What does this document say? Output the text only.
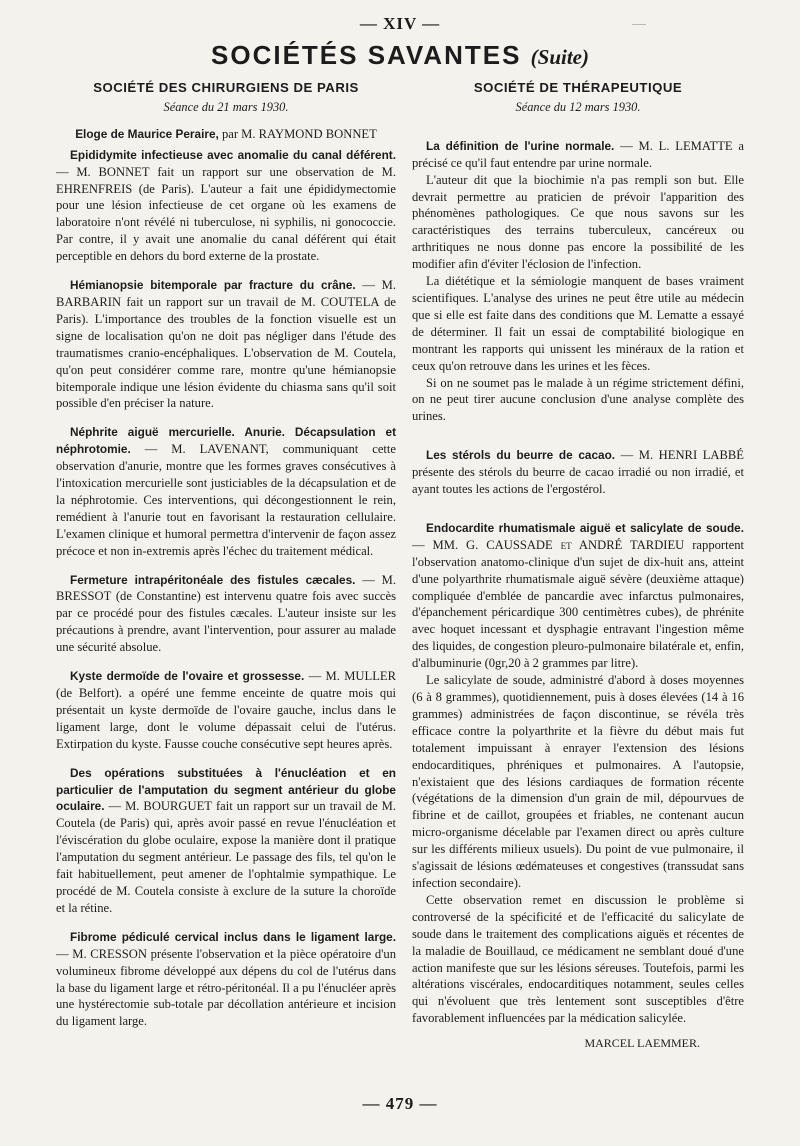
— XIV —
SOCIÉTÉS SAVANTES (Suite)

SOCIÉTÉ DES CHIRURGIENS DE PARIS

Séance du 21 mars 1930.

Eloge de Maurice Peraire, par M. RAYMOND BONNET

Epididymite infectieuse avec anomalie du canal déférent. — M. BONNET fait un rapport sur une observation de M. EHRENFREIS (de Paris). L'auteur a fait une épididymectomie pour une lésion infectieuse de cet organe où les examens de laboratoire n'ont révélé ni tuberculose, ni syphilis, ni gonococcie. Par contre, il y avait une anomalie du canal déférent qui était perceptible en dehors du bord externe de la prostate.

Hémianopsie bitemporale par fracture du crâne. — M. BARBARIN fait un rapport sur un travail de M. COUTELA de Paris). L'importance des troubles de la fonction visuelle est un signe de localisation qu'on ne doit pas négliger dans l'étude des traumatismes cranio-encéphaliques. L'observation de M. Coutela, qu'on peut considérer comme rare, montre qu'une hémianopsie bitemporale indique une lésion évidente du chiasma sans qu'il soit possible d'en préciser la nature.

Néphrite aiguë mercurielle. Anurie. Décapsulation et néphrotomie. — M. LAVENANT, communiquant cette observation d'anurie, montre que les formes graves consécutives à l'intoxication mercurielle sont justiciables de la décapsulation et de la néphrotomie. Ces interventions, qui décongestionnent le rein, remédient à l'anurie tout en favorisant la restauration cellulaire. L'examen clinique et humoral permettra d'intervenir de façon assez précoce et non in-extremis après l'échec du traitement médical.

Fermeture intrapéritonéale des fistules cæcales. — M. BRESSOT (de Constantine) est intervenu quatre fois avec succès par ce procédé pour des fistules cæcales. L'auteur insiste sur les précautions à prendre, avant l'intervention, pour assurer au malade une sécurité absolue.

Kyste dermoïde de l'ovaire et grossesse. — M. MULLER (de Belfort). a opéré une femme enceinte de quatre mois qui présentait un kyste dermoïde de l'ovaire gauche, inclus dans le ligament large, dont le volume dépassait celui de l'utérus. Extirpation du kyste. Fausse couche consécutive sept heures après.

Des opérations substituées à l'énucléation et en particulier de l'amputation du segment antérieur du globe oculaire. — M. BOURGUET fait un rapport sur un travail de M. Coutela (de Paris) qui, après avoir passé en revue l'énucléation et l'éviscération du globe oculaire, expose la manière dont il pratique l'amputation du segment antérieur. Le passage des fils, tel qu'on le fait habituellement, peut amener de l'ophtalmie sympathique. Le procédé de M. Coutela consiste à exclure de la suture la choroïde et la rétine.

Fibrome pédiculé cervical inclus dans le ligament large. — M. CRESSON présente l'observation et la pièce opératoire d'un volumineux fibrome développé aux dépens du col de l'utérus dans la base du ligament large et rétro-péritonéal. Il a pu l'énucléer après une hystérectomie sub-totale par décollation antérieure et incision du ligament large.

SOCIÉTÉ DE THÉRAPEUTIQUE

Séance du 12 mars 1930.

La définition de l'urine normale. — M. L. LEMATTE a précisé ce qu'il faut entendre par urine normale.

L'auteur dit que la biochimie n'a pas rempli son but. Elle devrait permettre au praticien de prévoir l'apparition des phénomènes pathologiques. Ce que nous savons sur les caractéristiques des terrains tuberculeux, cancéreux ou arthritiques ne nous donne pas encore la possibilité de les modifier afin d'éviter l'éclosion de l'infection.

La diététique et la sémiologie manquent de bases vraiment scientifiques. L'analyse des urines ne peut être utile au médecin que si elle est faite dans des conditions que M. Lematte a essayé de déterminer. Il fait un essai de comptabilité biologique en montrant les rapports qui unissent les minéraux de la ration et ceux qu'on retrouve dans les urines et les fèces.

Si on ne soumet pas le malade à un régime strictement défini, on ne peut tirer aucune conclusion d'une analyse complète des urines.

Les stérols du beurre de cacao. — M. HENRI LABBÉ présente des stérols du beurre de cacao irradié ou non irradié, et ayant toutes les actions de l'ergostérol.

Endocardite rhumatismale aiguë et salicylate de soude. — MM. G. CAUSSADE et ANDRÉ TARDIEU rapportent l'observation anatomo-clinique d'un sujet de dix-huit ans, atteint d'une polyarthrite rhumatismale aiguë sévère (deuxième attaque) compliquée d'emblée de pancardie avec infarctus pulmonaires, d'épanchement péricardique 300 centimètres cubes), de phrénite avec hoquet incessant et dysphagie entravant l'ingestion même des liquides, de congestion pleuro-pulmonaire bilatérale et, enfin, d'albuminurie (0gr,20 à 2 grammes par litre).

Le salicylate de soude, administré d'abord à doses moyennes (6 à 8 grammes), quotidiennement, puis à doses élevées (14 à 16 grammes) administrées de façon discontinue, se révéla très efficace contre la polyarthrite et la fièvre du début mais fut totalement impuissant à enrayer l'extension des lésions endocarditiques, phréniques et pulmonaires. A l'autopsie, n'existaient que des lésions cardiaques de formation récente (végétations de la dimension d'un grain de mil, dépourvues de fibrine et de caillot, groupées et friables, ne contenant aucun micro-organisme décelable par l'examen direct ou après culture sur les différents milieux usuels). Du point de vue pulmonaire, il s'agissait de lésions œdémateuses et congestives (transsudat sans infection secondaire).

Cette observation remet en discussion le problème si controversé de la spécificité et de l'efficacité du salicylate de soude dans le traitement des complications aiguës et récentes de la maladie de Bouillaud, ce médicament ne semblant doué d'une action manifeste que sur les lésions séreuses. Toutefois, parmi les altérations viscérales, endocarditiques notamment, seules celles qui n'évoluent que très lentement sont susceptibles d'être favorablement influencées par la médication salicylée.

MARCEL LAEMMER.

— 479 —
